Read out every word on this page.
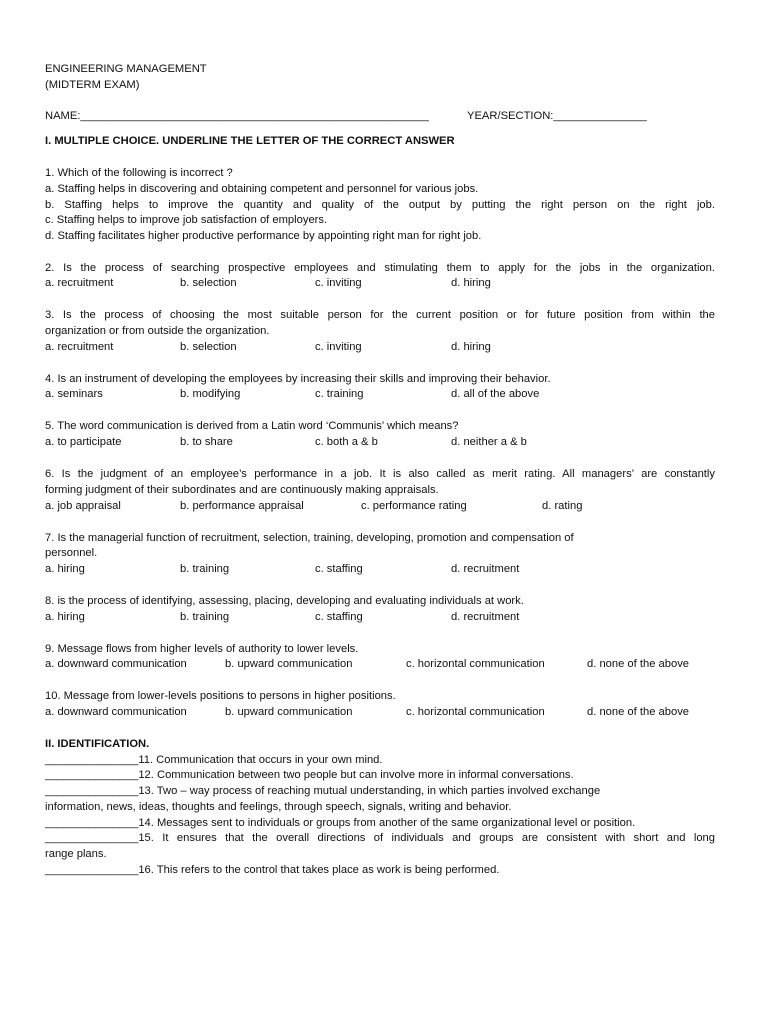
ENGINEERING MANAGEMENT
(MIDTERM EXAM)
NAME:________________________________________________________	YEAR/SECTION:_______________
I. MULTIPLE CHOICE. UNDERLINE THE LETTER OF THE CORRECT ANSWER
1. Which of the following is incorrect ?
a. Staffing helps in discovering and obtaining competent and personnel for various jobs.
b. Staffing helps to improve the quantity and quality of the output by putting the right person on the right job.
c. Staffing helps to improve job satisfaction of employers.
d. Staffing facilitates higher productive performance by appointing right man for right job.
2. Is the process of searching prospective employees and stimulating them to apply for the jobs in the organization.
a. recruitment	b. selection	c. inviting	d. hiring
3. Is the process of choosing the most suitable person for the current position or for future position from within the
organization or from outside the organization.
a. recruitment	b. selection	c. inviting	d. hiring
4. Is an instrument of developing the employees by increasing their skills and improving their behavior.
a. seminars	b. modifying	c. training	d. all of the above
5. The word communication is derived from a Latin word ‘Communis’ which means?
a. to participate	b. to share	c. both a & b	d. neither a & b
6. Is the judgment of an employee’s performance in a job. It is also called as merit rating. All managers’ are constantly
forming judgment of their subordinates and are continuously making appraisals.
a. job appraisal	b. performance appraisal	c. performance rating	d. rating
7. Is the managerial function of recruitment, selection, training, developing, promotion and compensation of
personnel.
a. hiring	b. training	c. staffing	d. recruitment
8. is the process of identifying, assessing, placing, developing and evaluating individuals at work.
a. hiring	b. training	c. staffing	d. recruitment
9. Message flows from higher levels of authority to lower levels.
a. downward communication	b. upward communication	c. horizontal communication	d. none of the above
10. Message from lower-levels positions to persons in higher positions.
a. downward communication	b. upward communication	c. horizontal communication	d. none of the above
II. IDENTIFICATION.
_______________11. Communication that occurs in your own mind.
_______________12. Communication between two people but can involve more in informal conversations.
_______________13. Two – way process of reaching mutual understanding, in which parties involved exchange
information, news, ideas, thoughts and feelings, through speech, signals, writing and behavior.
_______________14. Messages sent to individuals or groups from another of the same organizational level or position.
_______________15. It ensures that the overall directions of individuals and groups are consistent with short and long
range plans.
_______________16. This refers to the control that takes place as work is being performed.
